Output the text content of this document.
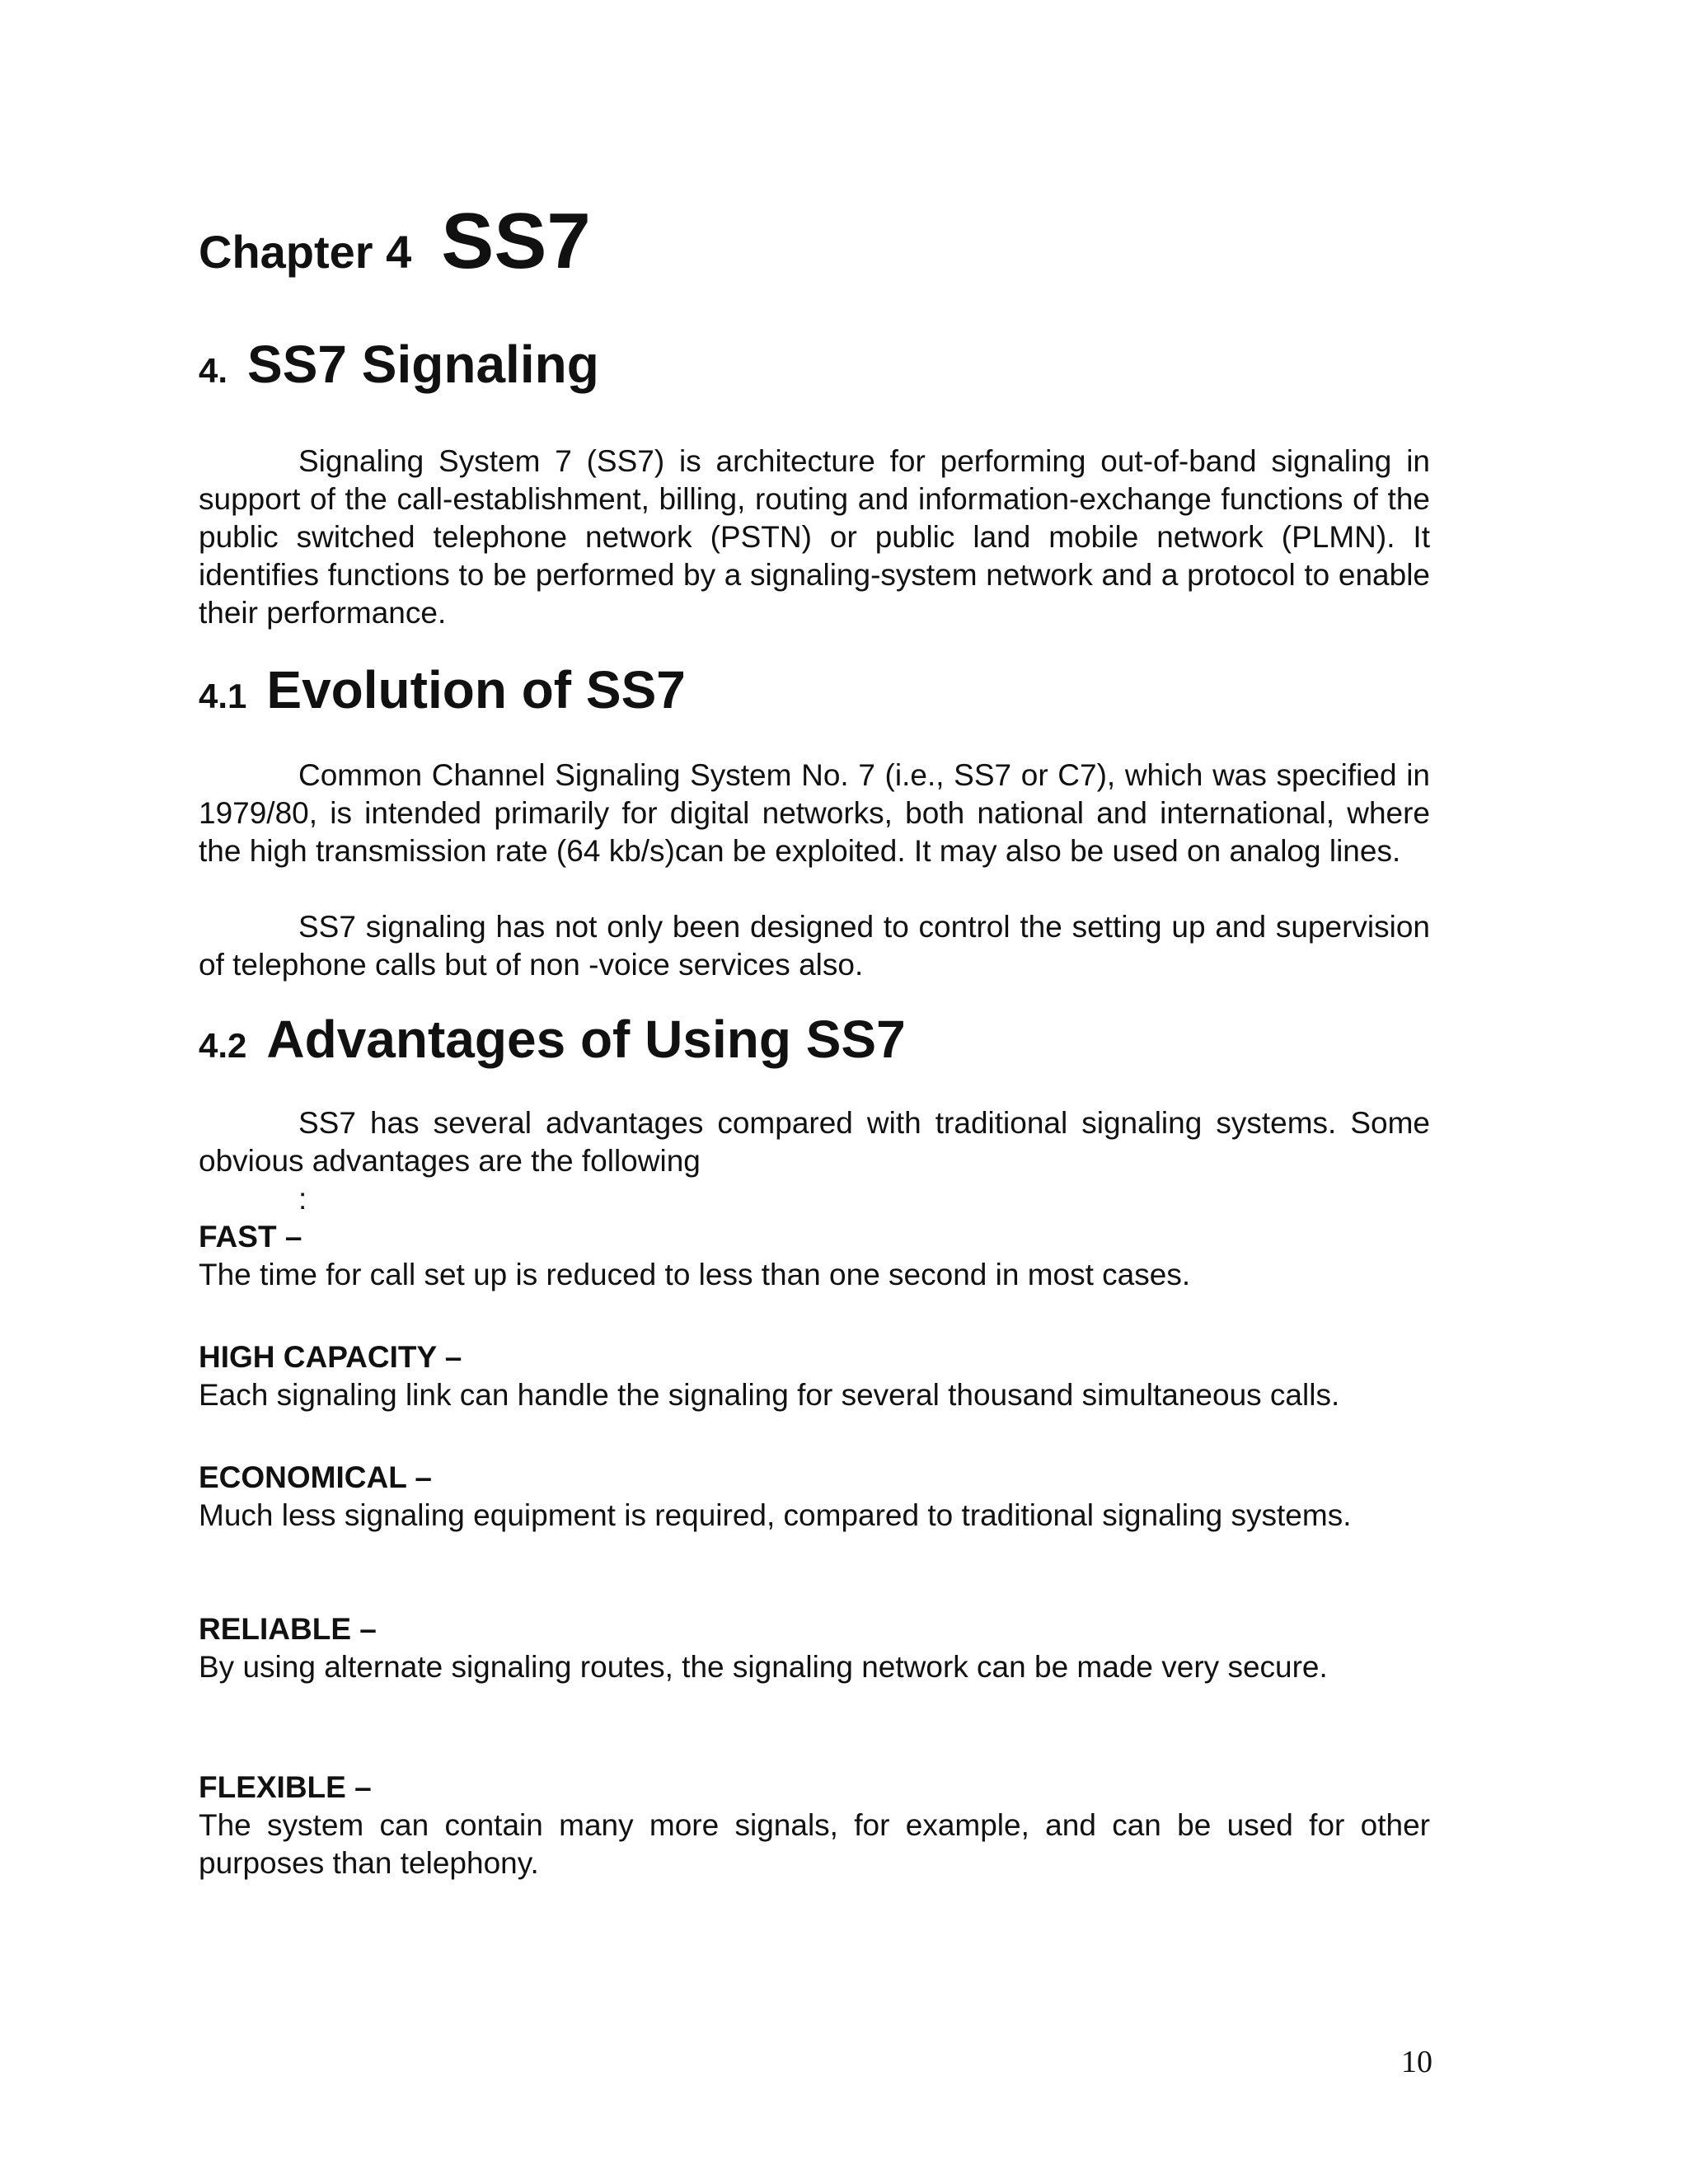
Chapter 4 SS7
4. SS7 Signaling

Signaling System 7 (SS7) is architecture for performing out-of-band signaling in support of the call-establishment, billing, routing and information-exchange functions of the public switched telephone network (PSTN) or public land mobile network (PLMN). It identifies functions to be performed by a signaling-system network and a protocol to enable their performance.

4.1 Evolution of SS7

Common Channel Signaling System No. 7 (i.e., SS7 or C7), which was specified in 1979/80, is intended primarily for digital networks, both national and international, where the high transmission rate (64 kb/s)can be exploited. It may also be used on analog lines.

SS7 signaling has not only been designed to control the setting up and supervision of telephone calls but of non -voice services also.

4.2 Advantages of Using SS7

SS7 has several advantages compared with traditional signaling systems. Some obvious advantages are the following

:
FAST –

The time for call set up is reduced to less than one second in most cases.

HIGH CAPACITY –

Each signaling link can handle the signaling for several thousand simultaneous calls.

ECONOMICAL –

Much less signaling equipment is required, compared to traditional signaling systems.

RELIABLE –

By using alternate signaling routes, the signaling network can be made very secure.

FLEXIBLE –

The system can contain many more signals, for example, and can be used for other purposes than telephony.

10
